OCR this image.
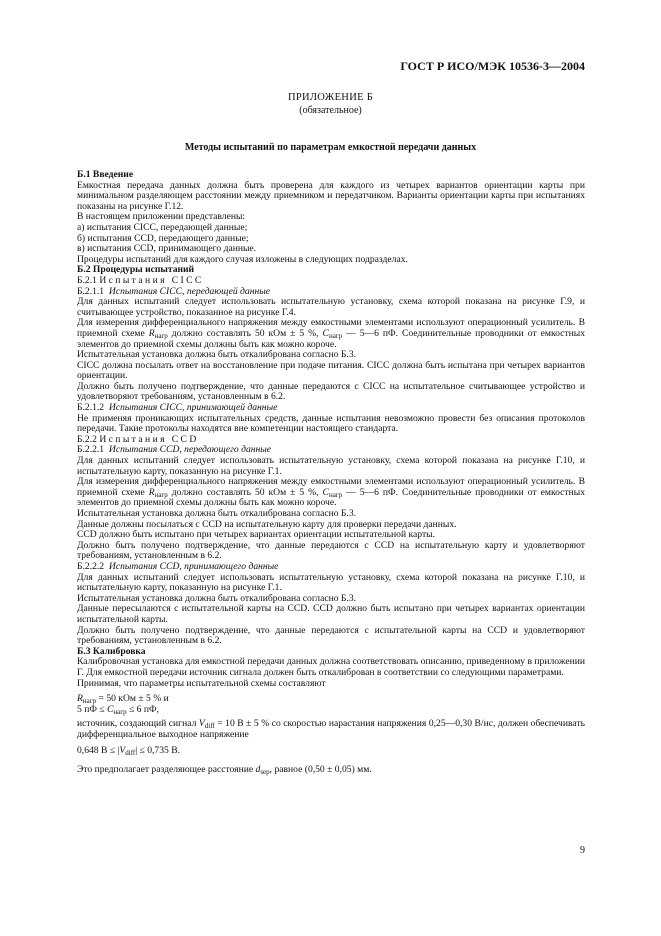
ГОСТ Р ИСО/МЭК 10536-3—2004
ПРИЛОЖЕНИЕ Б
(обязательное)
Методы испытаний по параметрам емкостной передачи данных

Б.1 Введение

Емкостная передача данных должна быть проверена для каждого из четырех вариантов ориентации карты при минимальном разделяющем расстоянии между приемником и передатчиком. Варианты ориентации карты при испытаниях показаны на рисунке Г.12.

В настоящем приложении представлены:

а) испытания CICC, передающей данные;

б) испытания CCD, передающего данные;

в) испытания CCD, принимающего данные.

Процедуры испытаний для каждого случая изложены в следующих подразделах.

Б.2 Процедуры испытаний

Б.2.1 Испытания CICC

Б.2.1.1 Испытания CICC, передающей данные

Для данных испытаний следует использовать испытательную установку, схема которой показана на рисунке Г.9, и считывающее устройство, показанное на рисунке Г.4.

Для измерения дифференциального напряжения между емкостными элементами используют операционный усилитель. В приемной схеме $R_{нагр}$ должно составлять 50 кОм ± 5 %, $C_{нагр}$ — 5—6 пФ. Соединительные проводники от емкостных элементов до приемной схемы должны быть как можно короче.

Испытательная установка должна быть откалибрована согласно Б.3.

CICC должна посылать ответ на восстановление при подаче питания. CICC должна быть испытана при четырех вариантов ориентации.

Должно быть получено подтверждение, что данные передаются с CICC на испытательное считывающее устройство и удовлетворяют требованиям, установленным в 6.2.

Б.2.1.2 Испытания CICC, принимающей данные

Не применяя проникающих испытательных средств, данные испытания невозможно провести без описания протоколов передачи. Такие протоколы находятся вне компетенции настоящего стандарта.

Б.2.2 Испытания CCD

Б.2.2.1 Испытания CCD, передающего данные

Для данных испытаний следует использовать испытательную установку, схема которой показана на рисунке Г.10, и испытательную карту, показанную на рисунке Г.1.

Для измерения дифференциального напряжения между емкостными элементами используют операционный усилитель. В приемной схеме $R_{нагр}$ должно составлять 50 кОм ± 5 %, $C_{нагр}$ — 5—6 пФ. Соединительные проводники от емкостных элементов до приемной схемы должны быть как можно короче.

Испытательная установка должна быть откалибрована согласно Б.3.

Данные должны посылаться с CCD на испытательную карту для проверки передачи данных.

CCD должно быть испытано при четырех вариантах ориентации испытательной карты.

Должно быть получено подтверждение, что данные передаются с CCD на испытательную карту и удовлетворяют требованиям, установленным в 6.2.

Б.2.2.2 Испытания CCD, принимающего данные

Для данных испытаний следует использовать испытательную установку, схема которой показана на рисунке Г.10, и испытательную карту, показанную на рисунке Г.1.

Испытательная установка должна быть откалибрована согласно Б.3.

Данные пересылаются с испытательной карты на CCD. CCD должно быть испытано при четырех вариантах ориентации испытательной карты.

Должно быть получено подтверждение, что данные передаются с испытательной карты на CCD и удовлетворяют требованиям, установленным в 6.2.

Б.3 Калибровка

Калибровочная установка для емкостной передачи данных должна соответствовать описанию, приведенному в приложении Г. Для емкостной передачи источник сигнала должен быть откалиброван в соответствии со следующими параметрами.

Принимая, что параметры испытательной схемы составляют

$R_{нагр} = 50$ кОм ± 5 % и

5 пФ ≤ $C_{нагр} \le 6$ пФ,

источник, создающий сигнал $V_{diff} = 10$ В ± 5 % со скоростью нарастания напряжения 0,25—0,30 В/нс, должен обеспечивать дифференциальное выходное напряжение

0,648 $В \le |V_{diff}| \le 0,735$ В.

Это предполагает разделяющее расстояние $d_{sep}$, равное (0,50 ± 0,05) мм.

9
